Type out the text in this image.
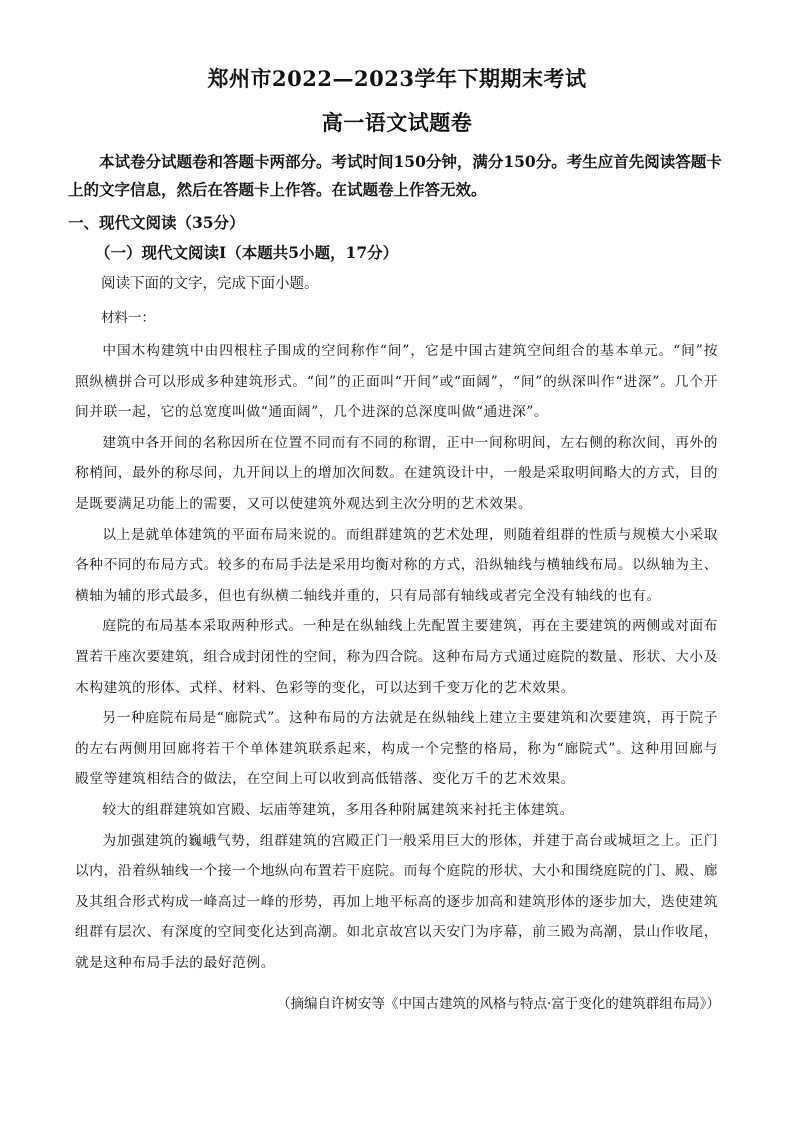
郑州市2022—2023学年下期期末考试
高一语文试题卷

本试卷分试题卷和答题卡两部分。考试时间150分钟，满分150分。考生应首先阅读答题卡上的文字信息，然后在答题卡上作答。在试题卷上作答无效。

一、现代文阅读（35分）

（一）现代文阅读Ⅰ（本题共5小题，17分）

阅读下面的文字，完成下面小题。

材料一：

中国木构建筑中由四根柱子围成的空间称作“间”，它是中国古建筑空间组合的基本单元。“间”按照纵横拼合可以形成多种建筑形式。“间”的正面叫“开间”或“面阔”，“间”的纵深叫作“进深”。几个开间并联一起，它的总宽度叫做“通面阔”，几个进深的总深度叫做“通进深”。

建筑中各开间的名称因所在位置不同而有不同的称谓，正中一间称明间，左右侧的称次间，再外的称梢间，最外的称尽间，九开间以上的增加次间数。在建筑设计中，一般是采取明间略大的方式，目的是既要满足功能上的需要，又可以使建筑外观达到主次分明的艺术效果。

以上是就单体建筑的平面布局来说的。而组群建筑的艺术处理，则随着组群的性质与规模大小采取各种不同的布局方式。较多的布局手法是采用均衡对称的方式，沿纵轴线与横轴线布局。以纵轴为主、横轴为辅的形式最多，但也有纵横二轴线并重的，只有局部有轴线或者完全没有轴线的也有。

庭院的布局基本采取两种形式。一种是在纵轴线上先配置主要建筑，再在主要建筑的两侧或对面布置若干座次要建筑，组合成封闭性的空间，称为四合院。这种布局方式通过庭院的数量、形状、大小及木构建筑的形体、式样、材料、色彩等的变化，可以达到千变万化的艺术效果。

另一种庭院布局是“廊院式”。这种布局的方法就是在纵轴线上建立主要建筑和次要建筑，再于院子的左右两侧用回廊将若干个单体建筑联系起来，构成一个完整的格局，称为“廊院式”。这种用回廊与殿堂等建筑相结合的做法，在空间上可以收到高低错落、变化万千的艺术效果。

较大的组群建筑如宫殿、坛庙等建筑，多用各种附属建筑来衬托主体建筑。

为加强建筑的巍峨气势，组群建筑的宫殿正门一般采用巨大的形体，并建于高台或城垣之上。正门以内，沿着纵轴线一个接一个地纵向布置若干庭院。而每个庭院的形状、大小和围绕庭院的门、殿、廊及其组合形式构成一峰高过一峰的形势，再加上地平标高的逐步加高和建筑形体的逐步加大，迭使建筑组群有层次、有深度的空间变化达到高潮。如北京故宫以天安门为序幕，前三殿为高潮，景山作收尾，就是这种布局手法的最好范例。

（摘编自许树安等《中国古建筑的风格与特点·富于变化的建筑群组布局》）
